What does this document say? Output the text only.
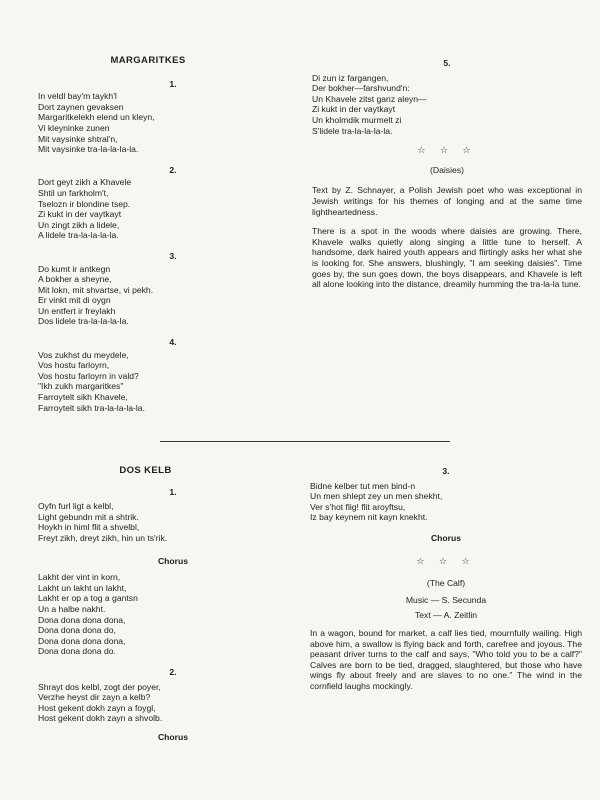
MARGARITKES
1.
In veldl bay'm taykh'l
Dort zaynen gevaksen
Margaritkelekh elend un kleyn,
Vi kleyninke zunen
Mit vaysinke shtral'n,
Mit vaysinke tra-la-la-la-la.
2.
Dort geyt zikh a Khavele
Shtil un farkholm't,
Tselozn ir blondine tsep.
Zi kukt in der vaytkayt
Un zingt zikh a lidele,
A lidele tra-la-la-la-la.
3.
Do kumt ir antkegn
A bokher a sheyne,
Mit lokn, mit shvartse, vi pekh.
Er vinkt mit di oygn
Un entfert ir freylakh
Dos lidele tra-la-la-la-la.
4.
Vos zukhst du meydele,
Vos hostu farloyrn,
Vos hostu farloyrn in vald?
"Ikh zukh margaritkes"
Farroytelt sikh Khavele,
Farroytelt sikh tra-la-la-la-la.
5.
Di zun iz fargangen,
Der bokher—farshvund'n:
Un Khavele zitst ganz aleyn—
Zi kukt in der vaytkayt
Un kholmdik murmelt zi
S'lidele tra-la-la-la-la.
☆ ☆ ☆
(Daisies)
Text by Z. Schnayer, a Polish Jewish poet who was exceptional in Jewish writings for his themes of longing and at the same time lightheartedness.
There is a spot in the woods where daisies are growing. There, Khavele walks quietly along singing a little tune to herself. A handsome, dark haired youth appears and flirtingly asks her what she is looking for. She answers, blushingly, "I am seeking daisies". Time goes by, the sun goes down, the boys disappears, and Khavele is left all alone looking into the distance, dreamily humming the tra-la-la tune.
DOS KELB
1.
Oyfn furl ligt a kelbl,
Light gebundn mit a shtrik.
Hoykh in himl flit a shvelbl,
Freyt zikh, dreyt zikh, hin un ts'rik.
Chorus
Lakht der vint in korn,
Lakht un lakht un lakht,
Lakht er op a tog a gantsn
Un a halbe nakht.
Dona dona dona dona,
Dona dona dona do,
Dona dona dona dona,
Dona dona dona do.
2.
Shrayt dos kelbl, zogt der poyer,
Verzhe heyst dir zayn a kelb?
Host gekent dokh zayn a foygl,
Host gekent dokh zayn a shvolb.
Chorus
3.
Bidne kelber tut men bind-n
Un men shlept zey un men shekht,
Ver s'hot flig! flit aroyftsu,
Iz bay keynem nit kayn knekht.
Chorus
☆ ☆ ☆
(The Calf)
Music — S. Secunda
Text — A. Zeitlin
In a wagon, bound for market, a calf lies tied, mournfully wailing. High above him, a swallow is flying back and forth, carefree and joyous. The peasant driver turns to the calf and says, "Who told you to be a calf?" Calves are born to be tied, dragged, slaughtered, but those who have wings fly about freely and are slaves to no one." The wind in the cornfield laughs mockingly.
